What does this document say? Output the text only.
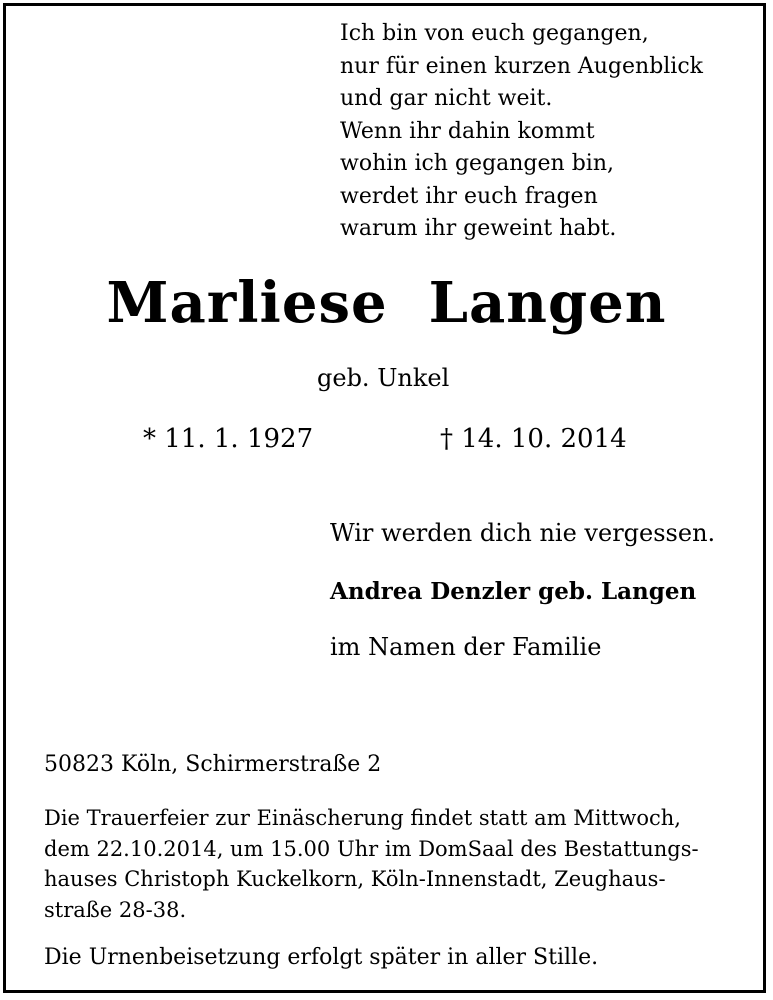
Ich bin von euch gegangen,
nur für einen kurzen Augenblick
und gar nicht weit.
Wenn ihr dahin kommt
wohin ich gegangen bin,
werdet ihr euch fragen
warum ihr geweint habt.
Marliese  Langen
geb. Unkel
* 11. 1. 1927	† 14. 10. 2014
Wir werden dich nie vergessen.
Andrea Denzler geb. Langen
im Namen der Familie
50823 Köln, Schirmerstraße 2
Die Trauerfeier zur Einäscherung findet statt am Mittwoch,
dem 22.10.2014, um 15.00 Uhr im DomSaal des Bestattungs-
hauses Christoph Kuckelkorn, Köln-Innenstadt, Zeughaus-
straße 28-38.
Die Urnenbeisetzung erfolgt später in aller Stille.
